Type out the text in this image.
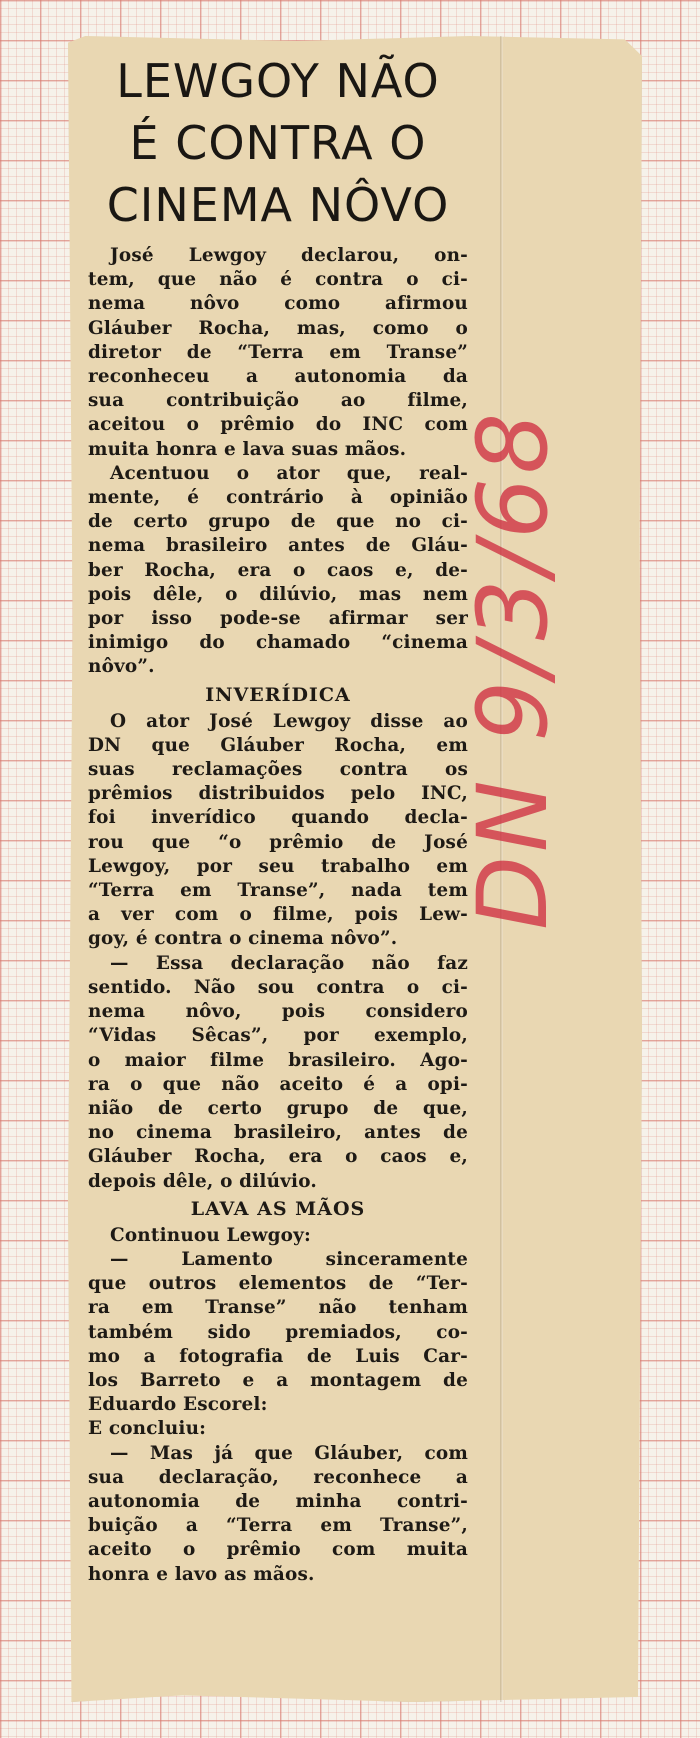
LEWGOY NÃO
É CONTRA O
CINEMA NÔVO
José Lewgoy declarou, on-
tem, que não é contra o ci-
nema nôvo como afirmou
Gláuber Rocha, mas, como o
diretor de “Terra em Transe”
reconheceu a autonomia da
sua contribuição ao filme,
aceitou o prêmio do INC com
muita honra e lava suas mãos.
Acentuou o ator que, real-
mente, é contrário à opinião
de certo grupo de que no ci-
nema brasileiro antes de Gláu-
ber Rocha, era o caos e, de-
pois dêle, o dilúvio, mas nem
por isso pode-se afirmar ser
inimigo do chamado “cinema
nôvo”.
INVERÍDICA
O ator José Lewgoy disse ao
DN que Gláuber Rocha, em
suas reclamações contra os
prêmios distribuidos pelo INC,
foi inverídico quando decla-
rou que “o prêmio de José
Lewgoy, por seu trabalho em
“Terra em Transe”, nada tem
a ver com o filme, pois Lew-
goy, é contra o cinema nôvo”.
— Essa declaração não faz
sentido. Não sou contra o ci-
nema nôvo, pois considero
“Vidas Sêcas”, por exemplo,
o maior filme brasileiro. Ago-
ra o que não aceito é a opi-
nião de certo grupo de que,
no cinema brasileiro, antes de
Gláuber Rocha, era o caos e,
depois dêle, o dilúvio.
LAVA AS MÃOS
Continuou Lewgoy:
— Lamento sinceramente
que outros elementos de “Ter-
ra em Transe” não tenham
também sido premiados, co-
mo a fotografia de Luis Car-
los Barreto e a montagem de
Eduardo Escorel:
E concluiu:
— Mas já que Gláuber, com
sua declaração, reconhece a
autonomia de minha contri-
buição a “Terra em Transe”,
aceito o prêmio com muita
honra e lavo as mãos.
